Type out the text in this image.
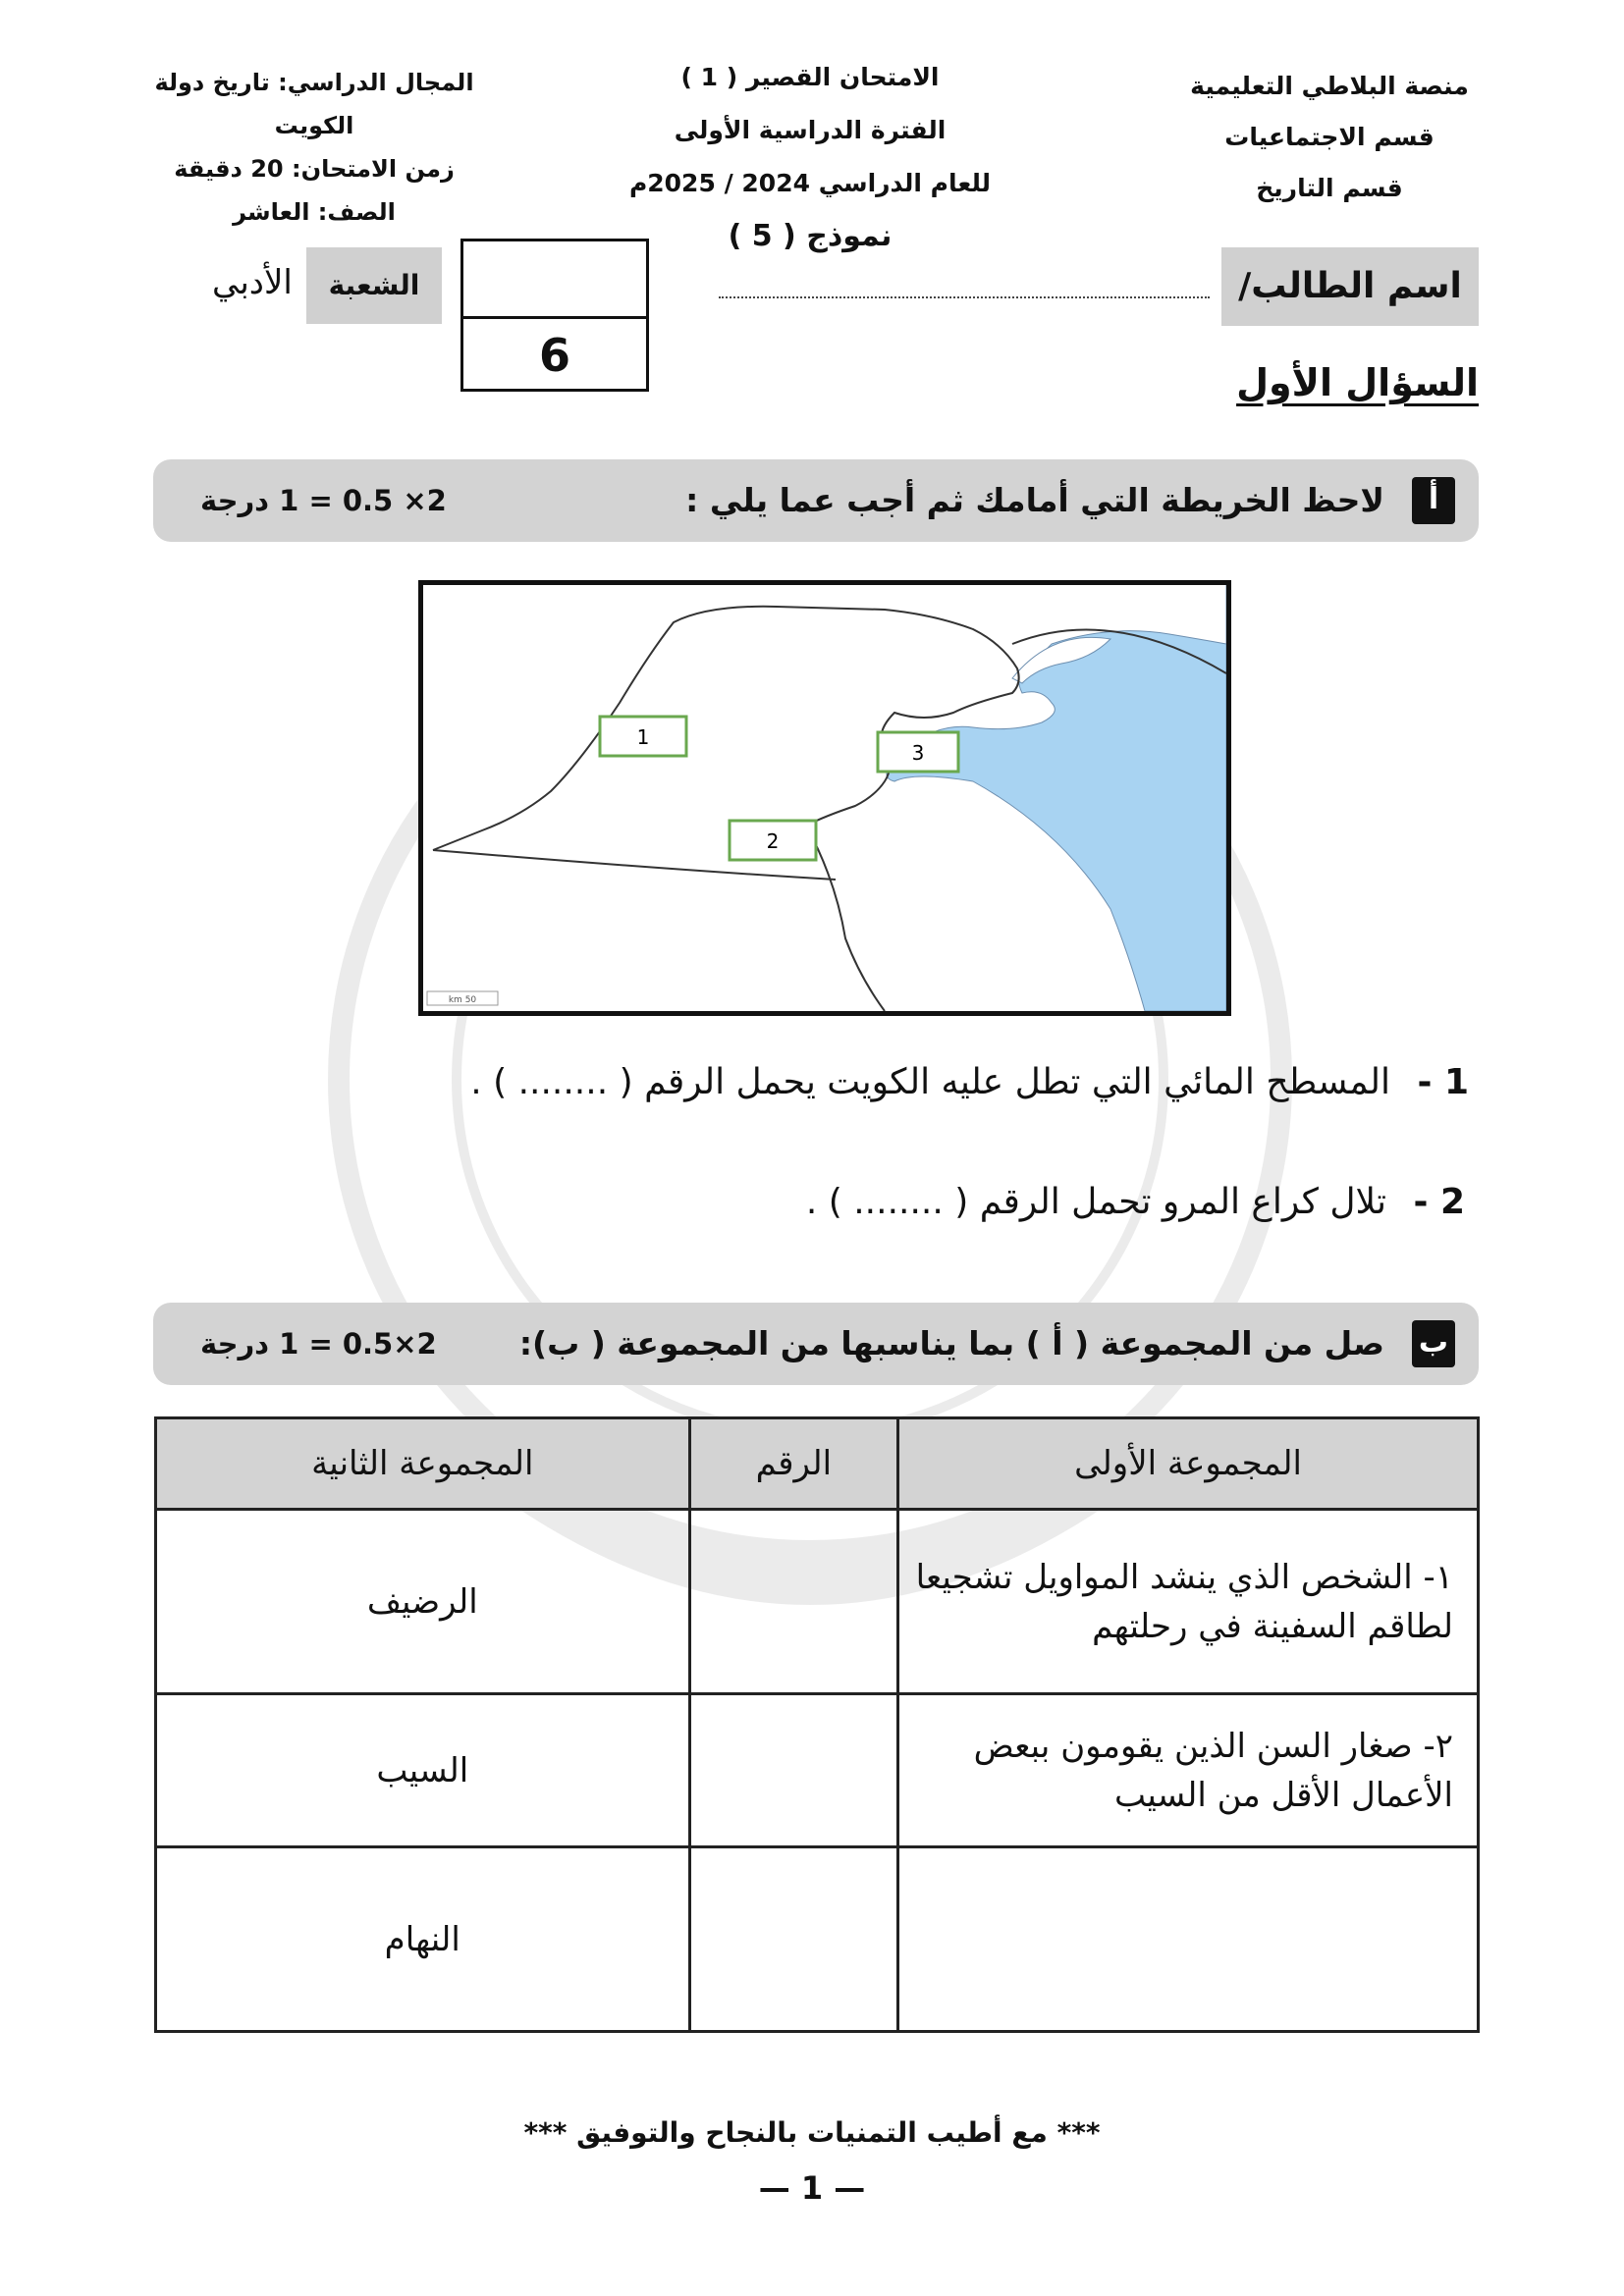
منصة البلاطي التعليمية
قسم الاجتماعيات
قسم التاريخ
الامتحان القصير ( 1 )
الفترة الدراسية الأولى
للعام الدراسي 2024 / 2025م
نموذج ( 5 )
المجال الدراسي: تاريخ دولة الكويت
زمن الامتحان: 20 دقيقة
الصف: العاشر
اسم الطالب/
6
الشعبة
الأدبي
السؤال الأول
أ
لاحظ الخريطة التي أمامك ثم أجب عما يلي :
2× 0.5 = 1 درجة
50 km
1
2
3
1 - المسطح المائي التي تطل عليه الكويت يحمل الرقم ( ........ ) .
2 - تلال كراع المرو تحمل الرقم ( ........ ) .
ب
صل من المجموعة ( أ ) بما يناسبها من المجموعة ( ب):
2×0.5 = 1 درجة
المجموعة الأولى	الرقم	المجموعة الثانية
١- الشخص الذي ينشد المواويل تشجيعا لطاقم السفينة في رحلتهم		الرضيف
٢- صغار السن الذين يقومون ببعض الأعمال الأقل من السيب		السيب
		النهام
*** مع أطيب التمنيات بالنجاح والتوفيق ***
— 1 —
